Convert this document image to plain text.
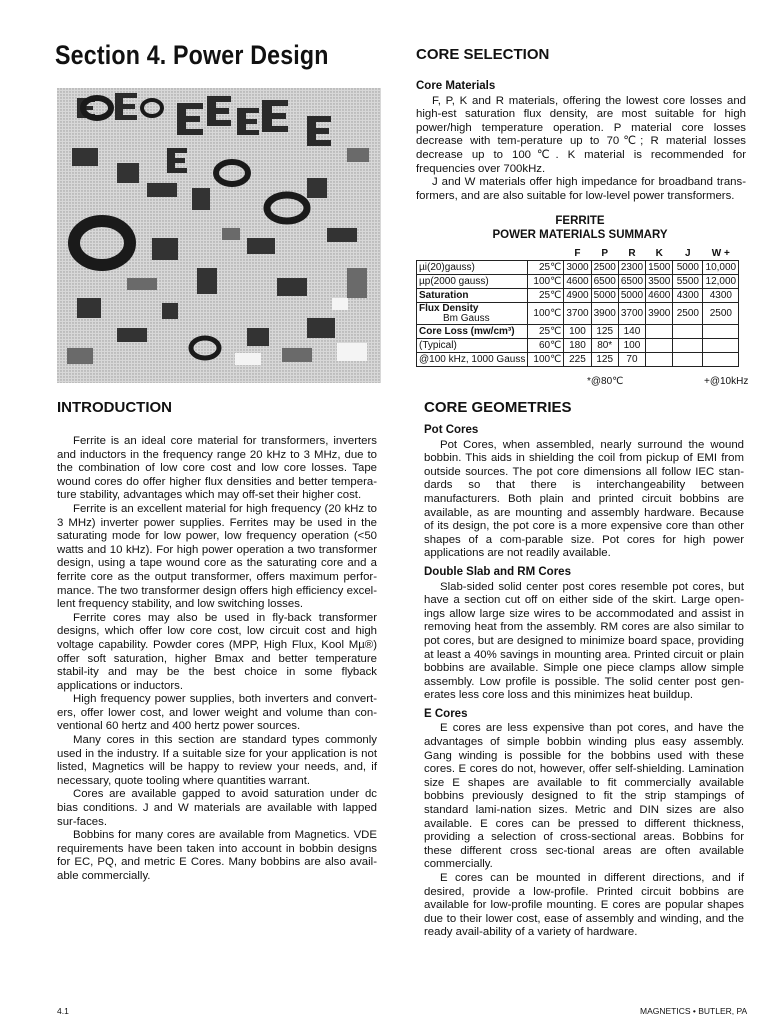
Section 4. Power Design	CORE SELECTION
Core Materials

F, P, K and R materials, offering the lowest core losses and high-est saturation flux density, are most suitable for high power/high temperature operation. P material core losses decrease with tem-perature up to 70℃; R material losses decrease up to 100℃. K material is recommended for frequencies over 700kHz.

J and W materials offer high impedance for broadband trans-formers, and are also suitable for low-level power transformers.

FERRITE
POWER MATERIALS SUMMARY
		F	P	R	K	J	W +
µi(20)gauss)	25℃	3000	2500	2300	1500	5000	10,000
µp(2000 gauss)	100℃	4600	6500	6500	3500	5500	12,000
Saturation	25℃	4900	5000	5000	4600	4300	4300

Flux Density
Bm Gauss	100℃	3700	3900	3700	3900	2500	2500
Core Loss (mw/cm³)	25℃	100	125	140			
(Typical)	60℃	180	80*	100			
@100 kHz, 1000 Gauss	100℃	225	125	70			
*@80℃	+@10kHz
INTRODUCTION

Ferrite is an ideal core material for transformers, inverters and inductors in the frequency range 20 kHz to 3 MHz, due to the combination of low core cost and low core losses. Tape wound cores do offer higher flux densities and better tempera-ture stability, advantages which may off-set their higher cost.

Ferrite is an excellent material for high frequency (20 kHz to 3 MHz) inverter power supplies. Ferrites may be used in the saturating mode for low power, low frequency operation (<50 watts and 10 kHz). For high power operation a two transformer design, using a tape wound core as the saturating core and a ferrite core as the output transformer, offers maximum perfor-mance. The two transformer design offers high efficiency excel-lent frequency stability, and low switching losses.

Ferrite cores may also be used in fly-back transformer designs, which offer low core cost, low circuit cost and high voltage capability. Powder cores (MPP, High Flux, Kool Mµ®) offer soft saturation, higher Bmax and better temperature stabil-ity and may be the best choice in some flyback applications or inductors.

High frequency power supplies, both inverters and convert-ers, offer lower cost, and lower weight and volume than con-ventional 60 hertz and 400 hertz power sources.

Many cores in this section are standard types commonly used in the industry. If a suitable size for your application is not listed, Magnetics will be happy to review your needs, and, if necessary, quote tooling where quantities warrant.

Cores are available gapped to avoid saturation under dc bias conditions. J and W materials are available with lapped sur-faces.

Bobbins for many cores are available from Magnetics. VDE requirements have been taken into account in bobbin designs for EC, PQ, and metric E Cores. Many bobbins are also avail-able commercially.

CORE GEOMETRIES
Pot Cores

Pot Cores, when assembled, nearly surround the wound bobbin. This aids in shielding the coil from pickup of EMI from outside sources. The pot core dimensions all follow IEC stan-dards so that there is interchangeability between manufacturers. Both plain and printed circuit bobbins are available, as are mounting and assembly hardware. Because of its design, the pot core is a more expensive core than other shapes of a com-parable size. Pot cores for high power applications are not readily available.

Double Slab and RM Cores

Slab-sided solid center post cores resemble pot cores, but have a section cut off on either side of the skirt. Large open-ings allow large size wires to be accommodated and assist in removing heat from the assembly. RM cores are also similar to pot cores, but are designed to minimize board space, providing at least a 40% savings in mounting area. Printed circuit or plain bobbins are available. Simple one piece clamps allow simple assembly. Low profile is possible. The solid center post gen-erates less core loss and this minimizes heat buildup.

E Cores

E cores are less expensive than pot cores, and have the advantages of simple bobbin winding plus easy assembly. Gang winding is possible for the bobbins used with these cores. E cores do not, however, offer self-shielding. Lamination size E shapes are available to fit commercially available bobbins previously designed to fit the strip stampings of standard lami-nation sizes. Metric and DIN sizes are also available. E cores can be pressed to different thickness, providing a selection of cross-sectional areas. Bobbins for these different cross sec-tional areas are often available commercially.

E cores can be mounted in different directions, and if desired, provide a low-profile. Printed circuit bobbins are available for low-profile mounting. E cores are popular shapes due to their lower cost, ease of assembly and winding, and the ready avail-ability of a variety of hardware.

4.1	MAGNETICS • BUTLER, PA
